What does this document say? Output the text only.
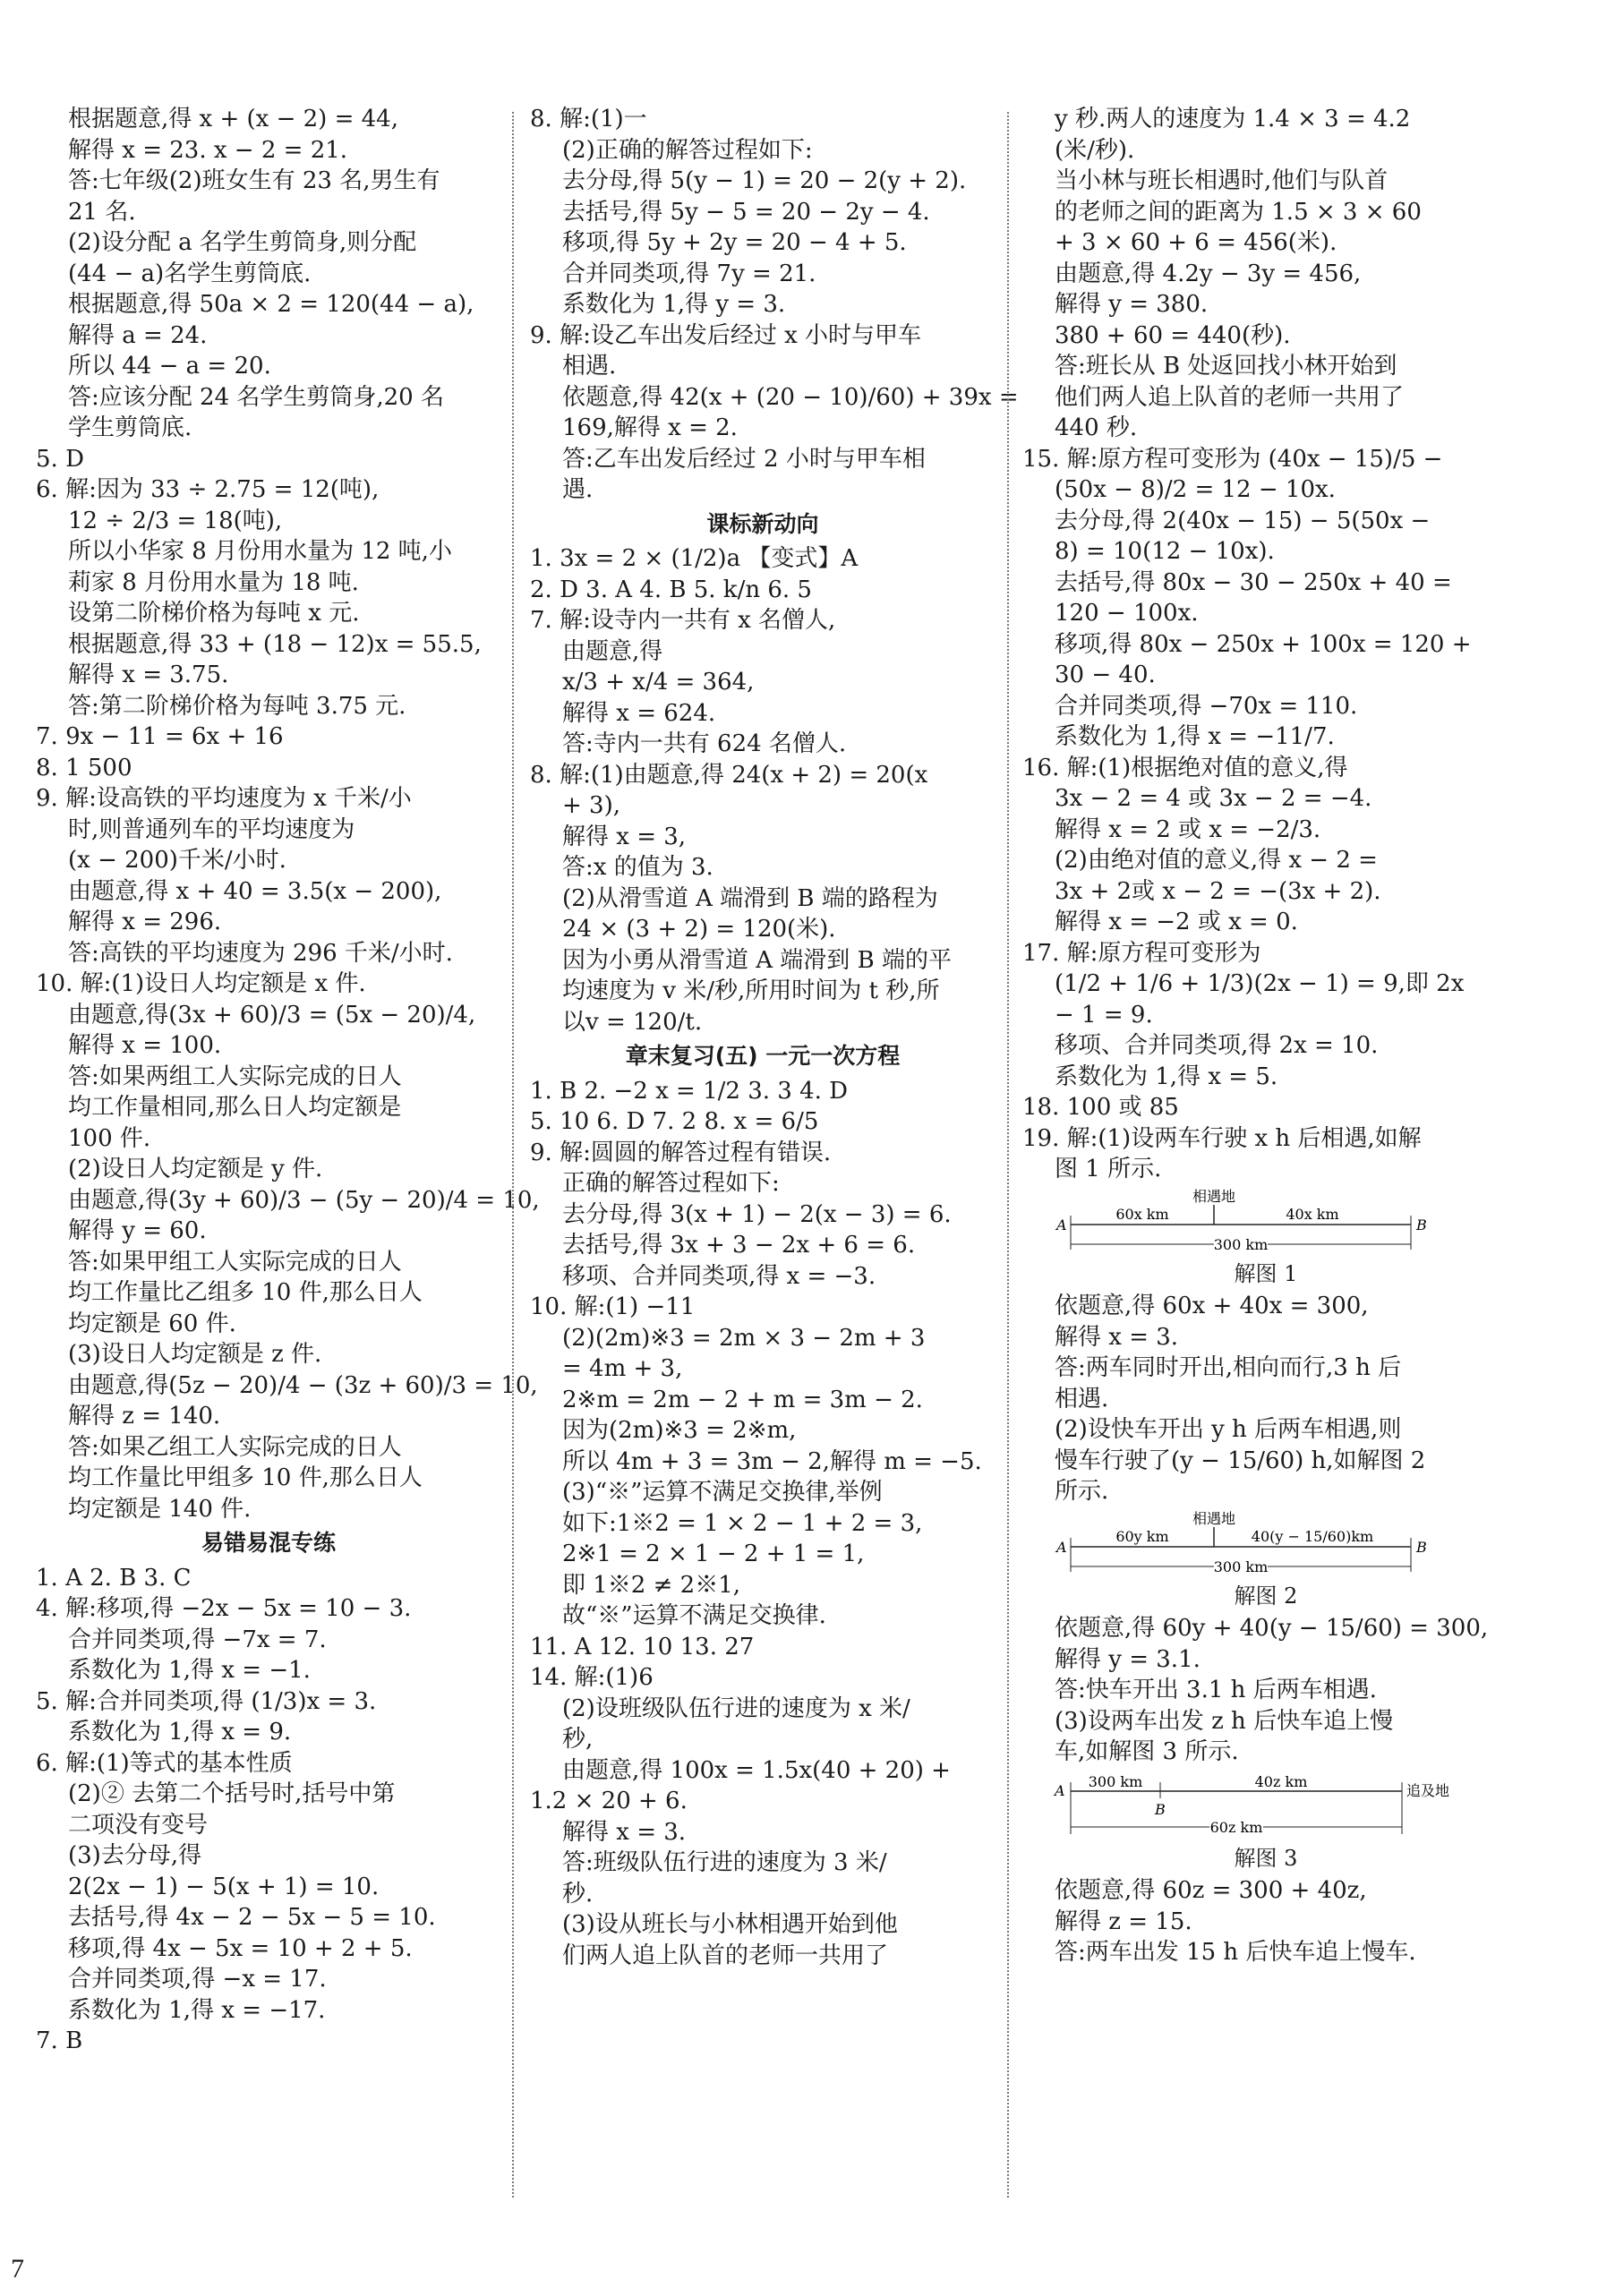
根据题意,得 x + (x − 2) = 44,
解得 x = 23. x − 2 = 21.
答:七年级(2)班女生有 23 名,男生有
21 名.
(2)设分配 a 名学生剪筒身,则分配
(44 − a)名学生剪筒底.
根据题意,得 50a × 2 = 120(44 − a),
解得 a = 24.
所以 44 − a = 20.
答:应该分配 24 名学生剪筒身,20 名
学生剪筒底.
5. D
6. 解:因为 33 ÷ 2.75 = 12(吨),
12 ÷ 2/3 = 18(吨),
所以小华家 8 月份用水量为 12 吨,小
莉家 8 月份用水量为 18 吨.
设第二阶梯价格为每吨 x 元.
根据题意,得 33 + (18 − 12)x = 55.5,
解得 x = 3.75.
答:第二阶梯价格为每吨 3.75 元.
7. 9x − 11 = 6x + 16
8. 1 500
9. 解:设高铁的平均速度为 x 千米/小
时,则普通列车的平均速度为
(x − 200)千米/小时.
由题意,得 x + 40 = 3.5(x − 200),
解得 x = 296.
答:高铁的平均速度为 296 千米/小时.
10. 解:(1)设日人均定额是 x 件.
由题意,得(3x + 60)/3 = (5x − 20)/4,
解得 x = 100.
答:如果两组工人实际完成的日人
均工作量相同,那么日人均定额是
100 件.
(2)设日人均定额是 y 件.
由题意,得(3y + 60)/3 − (5y − 20)/4 = 10,
解得 y = 60.
答:如果甲组工人实际完成的日人
均工作量比乙组多 10 件,那么日人
均定额是 60 件.
(3)设日人均定额是 z 件.
由题意,得(5z − 20)/4 − (3z + 60)/3 = 10,
解得 z = 140.
答:如果乙组工人实际完成的日人
均工作量比甲组多 10 件,那么日人
均定额是 140 件.
易错易混专练
1. A 2. B 3. C
4. 解:移项,得 −2x − 5x = 10 − 3.
合并同类项,得 −7x = 7.
系数化为 1,得 x = −1.
5. 解:合并同类项,得 (1/3)x = 3.
系数化为 1,得 x = 9.
6. 解:(1)等式的基本性质
(2)② 去第二个括号时,括号中第
二项没有变号
(3)去分母,得
2(2x − 1) − 5(x + 1) = 10.
去括号,得 4x − 2 − 5x − 5 = 10.
移项,得 4x − 5x = 10 + 2 + 5.
合并同类项,得 −x = 17.
系数化为 1,得 x = −17.
7. B
8. 解:(1)一
(2)正确的解答过程如下:
去分母,得 5(y − 1) = 20 − 2(y + 2).
去括号,得 5y − 5 = 20 − 2y − 4.
移项,得 5y + 2y = 20 − 4 + 5.
合并同类项,得 7y = 21.
系数化为 1,得 y = 3.
9. 解:设乙车出发后经过 x 小时与甲车
相遇.
依题意,得 42(x + (20 − 10)/60) + 39x =
169,解得 x = 2.
答:乙车出发后经过 2 小时与甲车相
遇.
课标新动向
1. 3x = 2 × (1/2)a 【变式】A
2. D 3. A 4. B 5. k/n 6. 5
7. 解:设寺内一共有 x 名僧人,
由题意,得
x/3 + x/4 = 364,
解得 x = 624.
答:寺内一共有 624 名僧人.
8. 解:(1)由题意,得 24(x + 2) = 20(x
+ 3),
解得 x = 3,
答:x 的值为 3.
(2)从滑雪道 A 端滑到 B 端的路程为
24 × (3 + 2) = 120(米).
因为小勇从滑雪道 A 端滑到 B 端的平
均速度为 v 米/秒,所用时间为 t 秒,所
以v = 120/t.
章末复习(五) 一元一次方程
1. B 2. −2 x = 1/2 3. 3 4. D
5. 10 6. D 7. 2 8. x = 6/5
9. 解:圆圆的解答过程有错误.
正确的解答过程如下:
去分母,得 3(x + 1) − 2(x − 3) = 6.
去括号,得 3x + 3 − 2x + 6 = 6.
移项、合并同类项,得 x = −3.
10. 解:(1) −11
(2)(2m)※3 = 2m × 3 − 2m + 3
= 4m + 3,
2※m = 2m − 2 + m = 3m − 2.
因为(2m)※3 = 2※m,
所以 4m + 3 = 3m − 2,解得 m = −5.
(3)“※”运算不满足交换律,举例
如下:1※2 = 1 × 2 − 1 + 2 = 3,
2※1 = 2 × 1 − 2 + 1 = 1,
即 1※2 ≠ 2※1,
故“※”运算不满足交换律.
11. A 12. 10 13. 27
14. 解:(1)6
(2)设班级队伍行进的速度为 x 米/
秒,
由题意,得 100x = 1.5x(40 + 20) +
1.2 × 20 + 6.
解得 x = 3.
答:班级队伍行进的速度为 3 米/
秒.
(3)设从班长与小林相遇开始到他
们两人追上队首的老师一共用了
y 秒.两人的速度为 1.4 × 3 = 4.2
(米/秒).
当小林与班长相遇时,他们与队首
的老师之间的距离为 1.5 × 3 × 60
+ 3 × 60 + 6 = 456(米).
由题意,得 4.2y − 3y = 456,
解得 y = 380.
380 + 60 = 440(秒).
答:班长从 B 处返回找小林开始到
他们两人追上队首的老师一共用了
440 秒.
15. 解:原方程可变形为 (40x − 15)/5 −
(50x − 8)/2 = 12 − 10x.
去分母,得 2(40x − 15) − 5(50x −
8) = 10(12 − 10x).
去括号,得 80x − 30 − 250x + 40 =
120 − 100x.
移项,得 80x − 250x + 100x = 120 +
30 − 40.
合并同类项,得 −70x = 110.
系数化为 1,得 x = −11/7.
16. 解:(1)根据绝对值的意义,得
3x − 2 = 4 或 3x − 2 = −4.
解得 x = 2 或 x = −2/3.
(2)由绝对值的意义,得 x − 2 =
3x + 2或 x − 2 = −(3x + 2).
解得 x = −2 或 x = 0.
17. 解:原方程可变形为
(1/2 + 1/6 + 1/3)(2x − 1) = 9,即 2x
− 1 = 9.
移项、合并同类项,得 2x = 10.
系数化为 1,得 x = 5.
18. 100 或 85
19. 解:(1)设两车行驶 x h 后相遇,如解
图 1 所示.
相遇地
60x km	40x km
300 km
A	B
解图 1
依题意,得 60x + 40x = 300,
解得 x = 3.
答:两车同时开出,相向而行,3 h 后
相遇.
(2)设快车开出 y h 后两车相遇,则
慢车行驶了(y − 15/60) h,如解图 2
所示.
相遇地
60y km	40(y − 15/60)km
300 km
A	B
解图 2
依题意,得 60y + 40(y − 15/60) = 300,
解得 y = 3.1.
答:快车开出 3.1 h 后两车相遇.
(3)设两车出发 z h 后快车追上慢
车,如解图 3 所示.
300 km	40z km
追及地
B
60z km
A
解图 3
依题意,得 60z = 300 + 40z,
解得 z = 15.
答:两车出发 15 h 后快车追上慢车.
7
